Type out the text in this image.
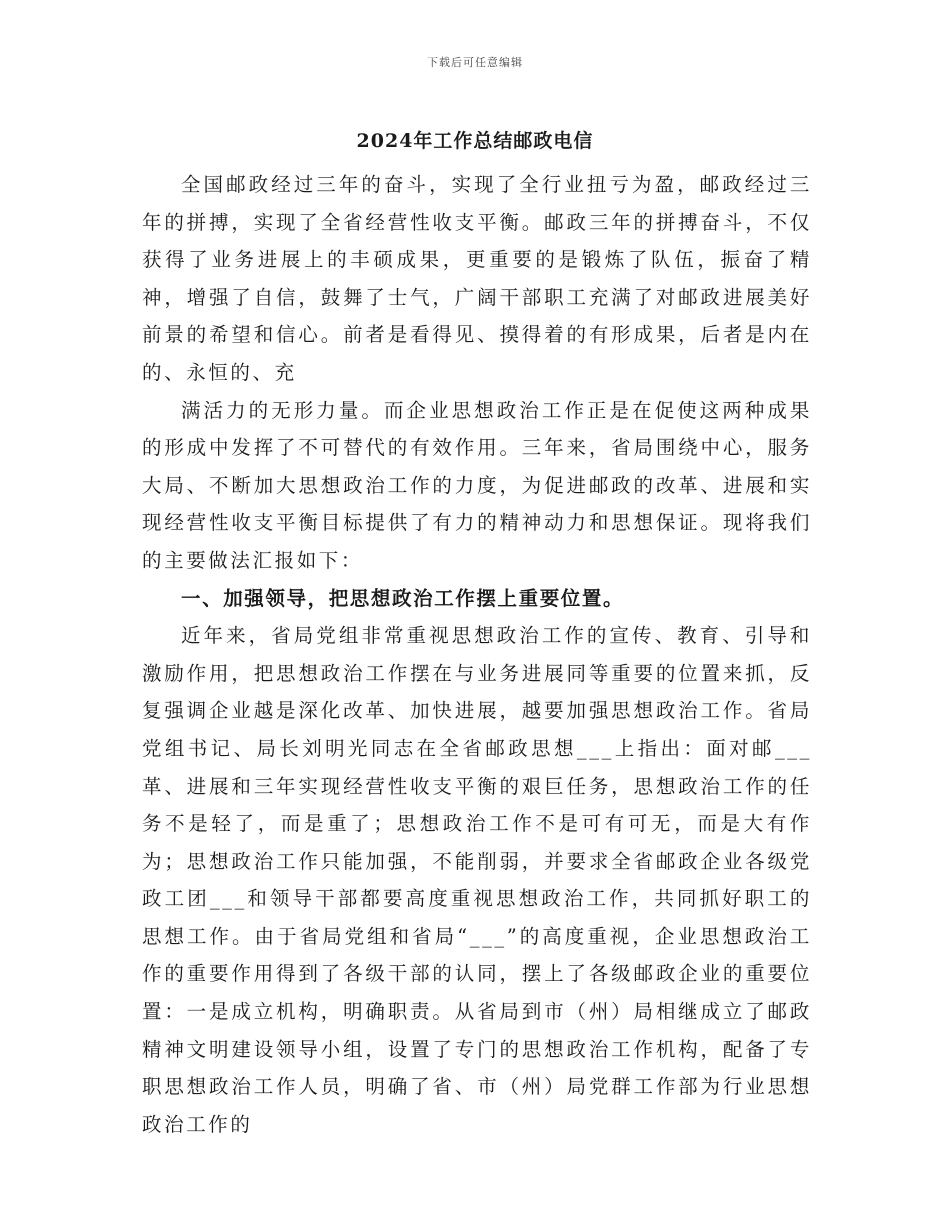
下载后可任意编辑
2024年工作总结邮政电信

全国邮政经过三年的奋斗，实现了全行业扭亏为盈，邮政经过三年的拼搏，实现了全省经营性收支平衡。邮政三年的拼搏奋斗，不仅获得了业务进展上的丰硕成果，更重要的是锻炼了队伍，振奋了精神，增强了自信，鼓舞了士气，广阔干部职工充满了对邮政进展美好前景的希望和信心。前者是看得见、摸得着的有形成果，后者是内在的、永恒的、充

满活力的无形力量。而企业思想政治工作正是在促使这两种成果的形成中发挥了不可替代的有效作用。三年来，省局围绕中心，服务大局、不断加大思想政治工作的力度，为促进邮政的改革、进展和实现经营性收支平衡目标提供了有力的精神动力和思想保证。现将我们的主要做法汇报如下：

一、加强领导，把思想政治工作摆上重要位置。

近年来，省局党组非常重视思想政治工作的宣传、教育、引导和激励作用，把思想政治工作摆在与业务进展同等重要的位置来抓，反复强调企业越是深化改革、加快进展，越要加强思想政治工作。省局党组书记、局长刘明光同志在全省邮政思想___上指出：面对邮___革、进展和三年实现经营性收支平衡的艰巨任务，思想政治工作的任务不是轻了，而是重了；思想政治工作不是可有可无，而是大有作为；思想政治工作只能加强，不能削弱，并要求全省邮政企业各级党政工团___和领导干部都要高度重视思想政治工作，共同抓好职工的思想工作。由于省局党组和省局“___”的高度重视，企业思想政治工作的重要作用得到了各级干部的认同，摆上了各级邮政企业的重要位置：一是成立机构，明确职责。从省局到市（州）局相继成立了邮政精神文明建设领导小组，设置了专门的思想政治工作机构，配备了专职思想政治工作人员，明确了省、市（州）局党群工作部为行业思想政治工作的
